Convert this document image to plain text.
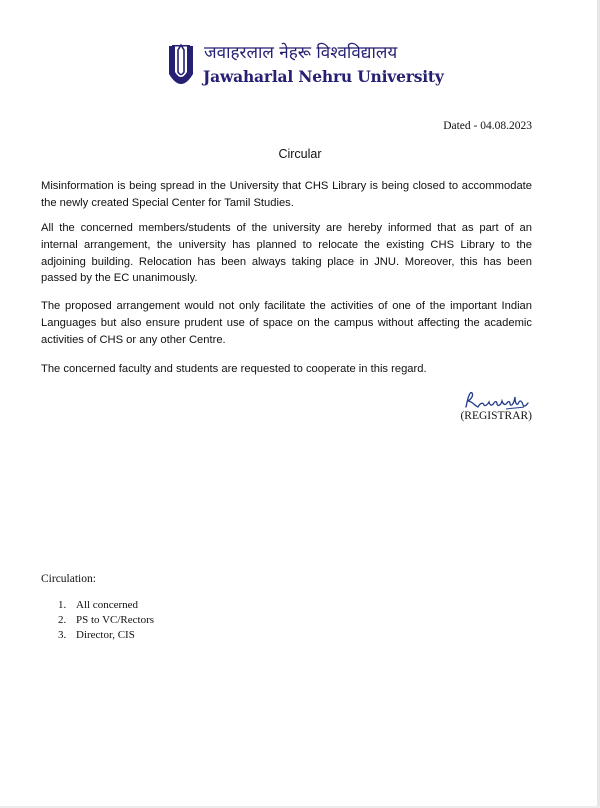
जवाहरलाल नेहरू विश्वविद्यालय
Jawaharlal Nehru University
Dated - 04.08.2023
Circular

Misinformation is being spread in the University that CHS Library is being closed to accommodate the newly created Special Center for Tamil Studies.

All the concerned members/students of the university are hereby informed that as part of an internal arrangement, the university has planned to relocate the existing CHS Library to the adjoining building. Relocation has been always taking place in JNU. Moreover, this has been passed by the EC unanimously.

The proposed arrangement would not only facilitate the activities of one of the important Indian Languages but also ensure prudent use of space on the campus without affecting the academic activities of CHS or any other Centre.

The concerned faculty and students are requested to cooperate in this regard.

(REGISTRAR)
Circulation:
1. All concerned
2. PS to VC/Rectors
3. Director, CIS
